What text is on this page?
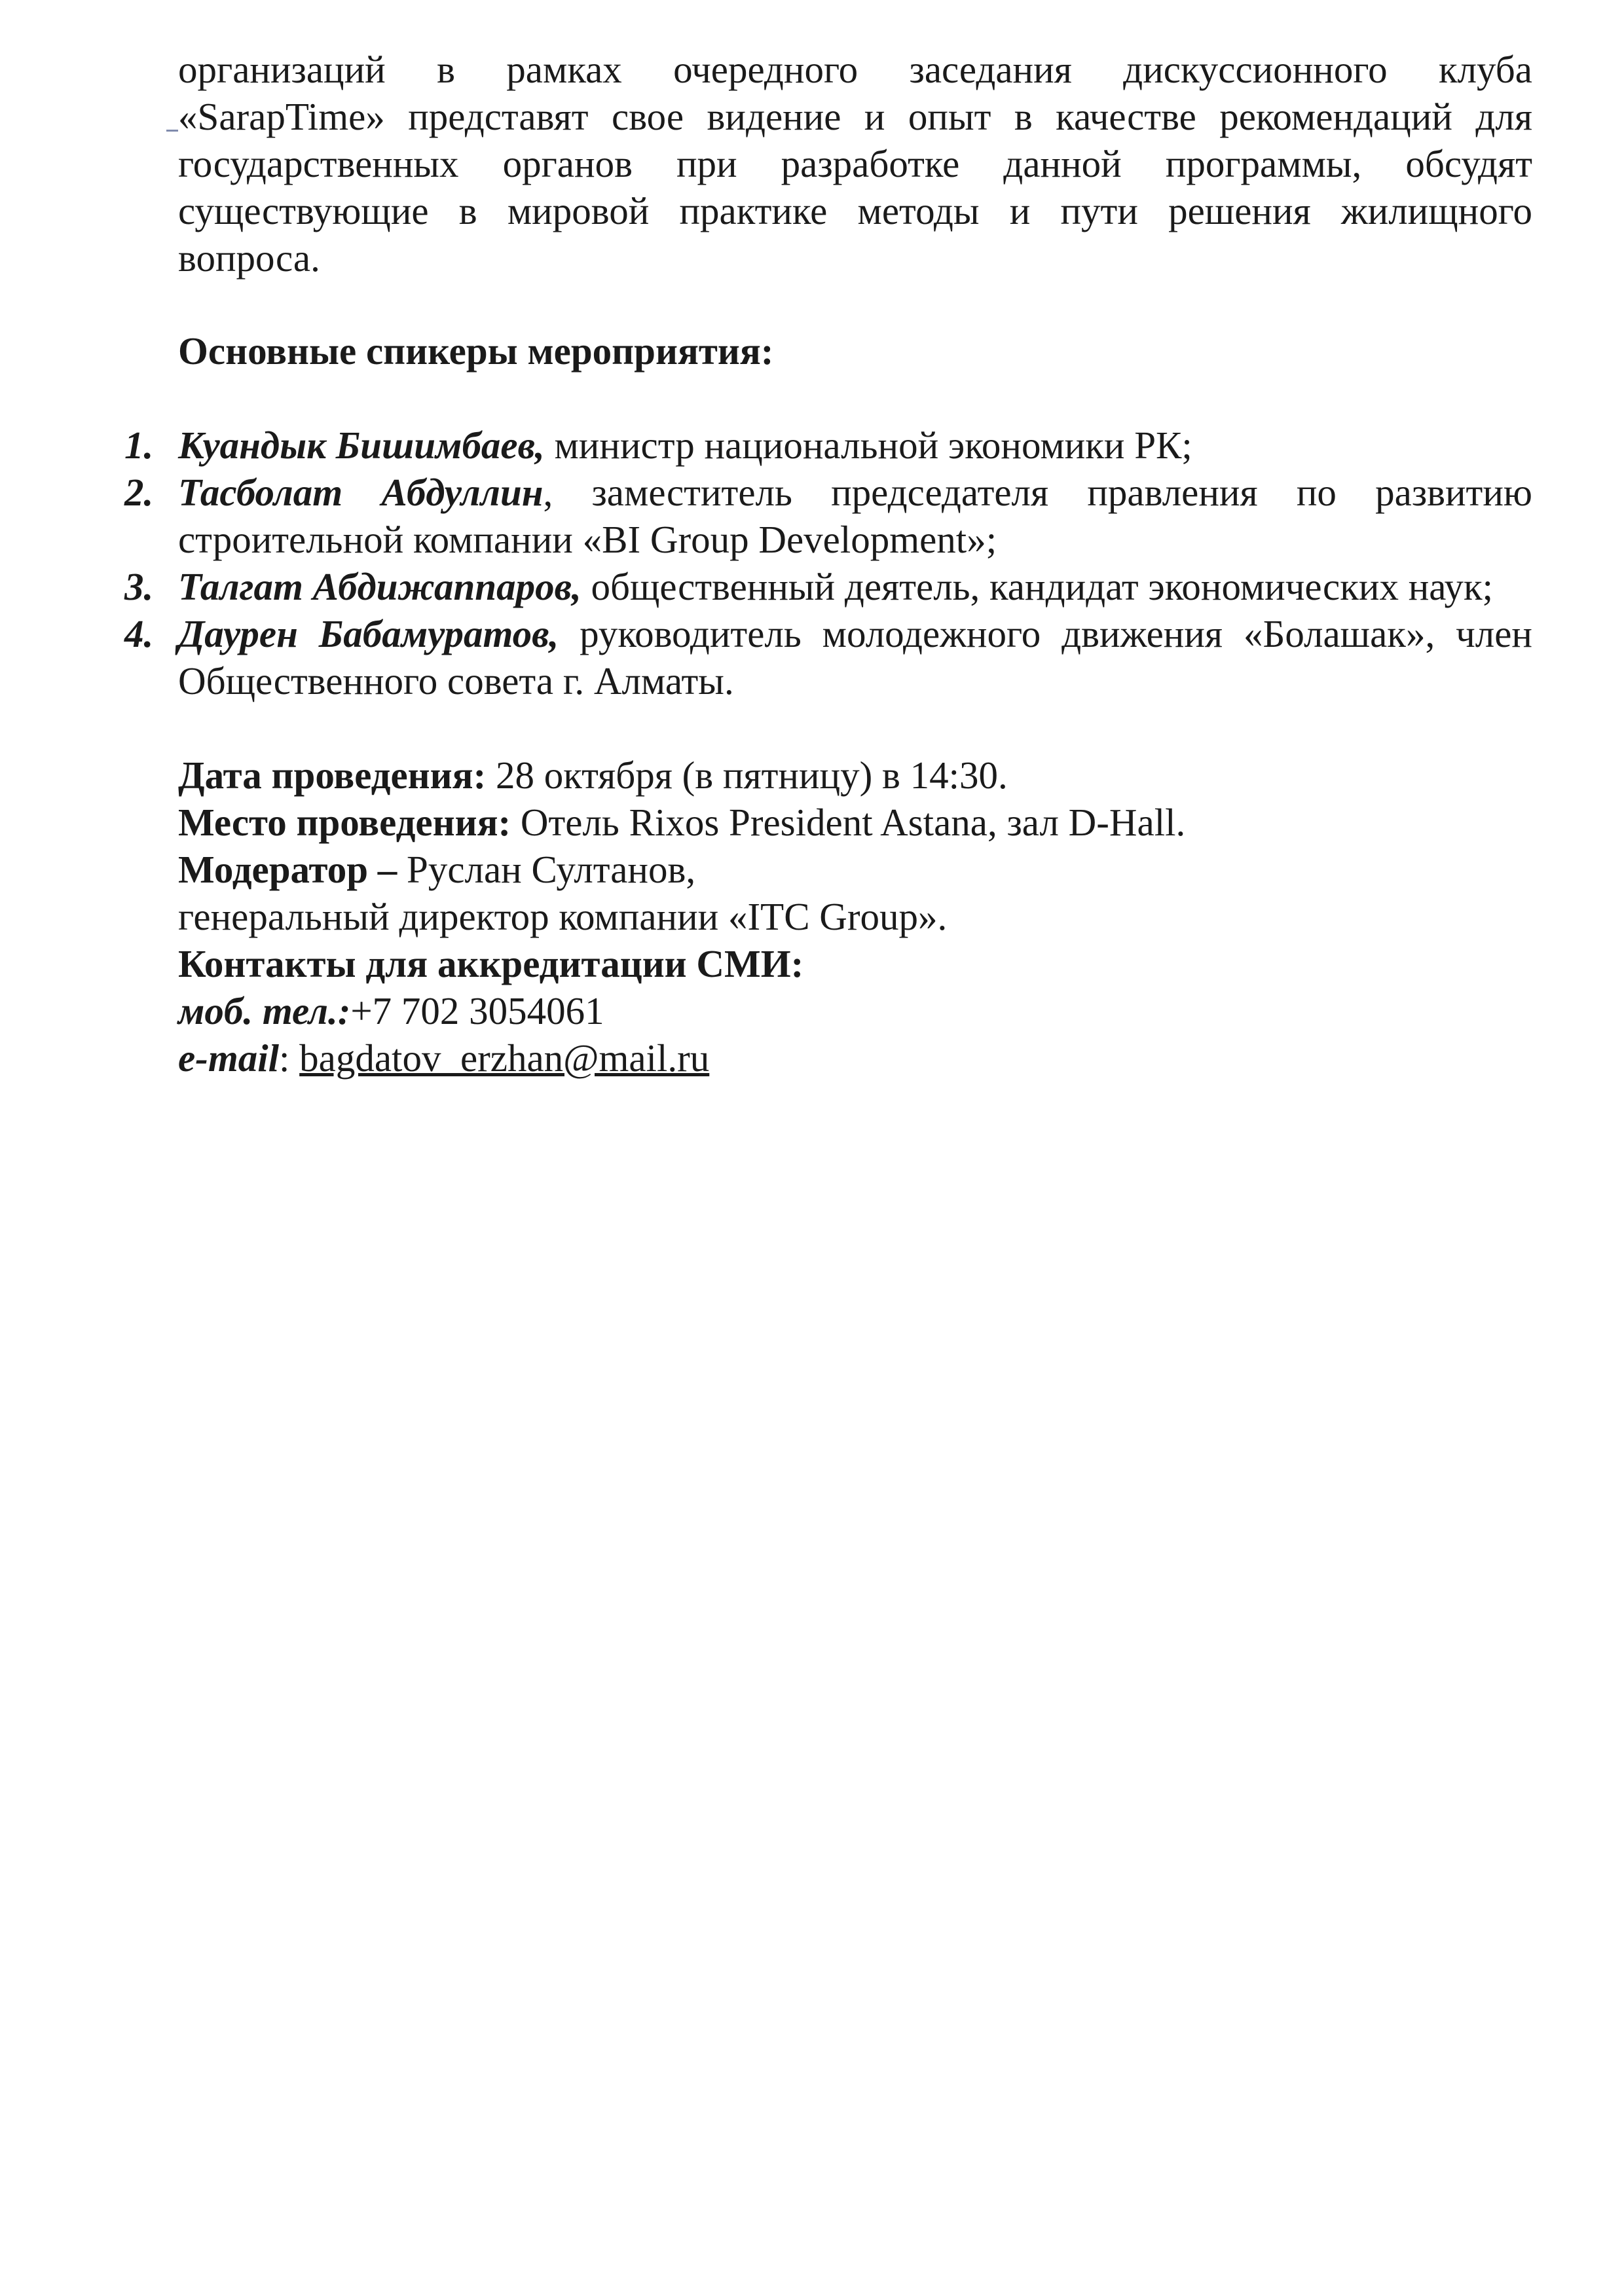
организаций в рамках очередного заседания дискуссионного клуба
«SarapTime» представят свое видение и опыт в качестве рекомендаций для
государственных органов при разработке данной программы, обсудят
существующие в мировой практике методы и пути решения жилищного
вопроса.

Основные спикеры мероприятия:

1. Куандык Бишимбаев, министр национальной экономики РК;
2. Тасболат Абдуллин, заместитель председателя правления по развитию строительной компании «BI Group Development»;
3. Талгат Абдижаппаров, общественный деятель, кандидат экономических наук;
4. Даурен Бабамуратов, руководитель молодежного движения «Болашак», член Общественного совета г. Алматы.
Дата проведения: 28 октября (в пятницу) в 14:30.
Место проведения: Отель Rixos President Astana, зал D-Hall.
Модератор – Руслан Султанов,
генеральный директор компании «ITC Group».
Контакты для аккредитации СМИ:
моб. тел.:+7 702 3054061
e-mail: bagdatov_erzhan@mail.ru
